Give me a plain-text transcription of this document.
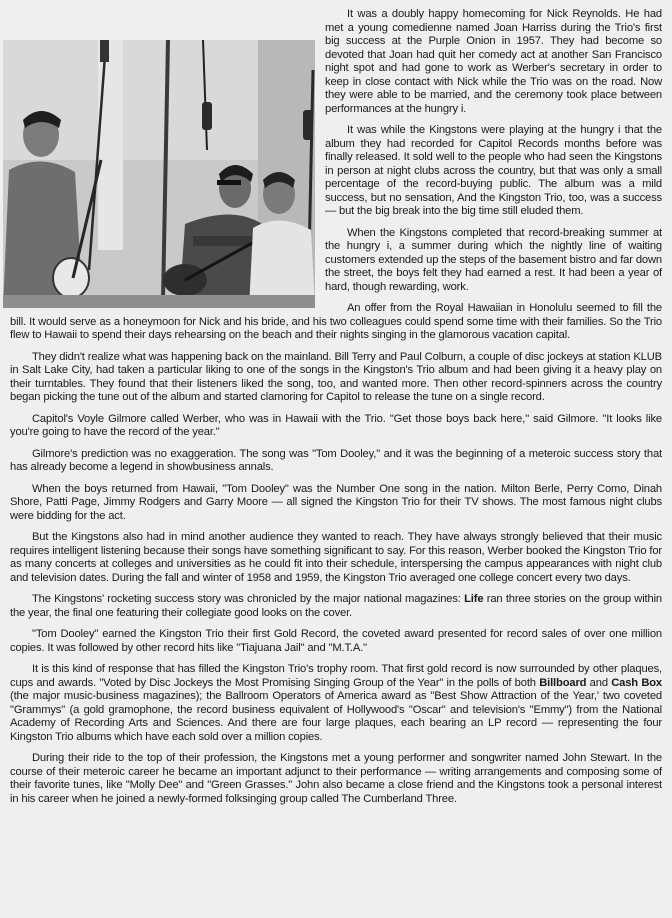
It was a doubly happy homecoming for Nick Reynolds. He had met a young comedienne named Joan Harriss during the Trio's first big success at the Purple Onion in 1957. They had become so devoted that Joan had quit her comedy act at another San Francisco night spot and had gone to work as Werber's secretary in order to keep in close contact with Nick while the Trio was on the road. Now they were able to be married, and the ceremony took place between performances at the hungry i.

It was while the Kingstons were playing at the hungry i that the album they had recorded for Capitol Records months before was finally released. It sold well to the people who had seen the Kingstons in person at night clubs across the country, but that was only a small percentage of the record-buying public. The album was a mild success, but no sensation, And the Kingston Trio, too, was a success — but the big break into the big time still eluded them.

When the Kingstons completed that record-breaking summer at the hungry i, a summer during which the nightly line of waiting customers extended up the steps of the basement bistro and far down the street, the boys felt they had earned a rest. It had been a year of hard, though rewarding, work.

An offer from the Royal Hawaiian in Honolulu seemed to fill the bill. It would serve as a honeymoon for Nick and his bride, and his two colleagues could spend some time with their families. So the Trio flew to Hawaii to spend their days rehearsing on the beach and their nights singing in the glamorous vacation capital.

They didn't realize what was happening back on the mainland. Bill Terry and Paul Colburn, a couple of disc jockeys at station KLUB in Salt Lake City, had taken a particular liking to one of the songs in the Kingston's Trio album and had been giving it a heavy play on their turntables. They found that their listeners liked the song, too, and wanted more. Then other record-spinners across the country began picking the tune out of the album and started clamoring for Capitol to release the tune on a single record.

Capitol's Voyle Gilmore called Werber, who was in Hawaii with the Trio. "Get those boys back here," said Gilmore. "It looks like you're going to have the record of the year."

Gilmore's prediction was no exaggeration. The song was "Tom Dooley," and it was the beginning of a meteroic success story that has already become a legend in showbusiness annals.

When the boys returned from Hawaii, "Tom Dooley" was the Number One song in the nation. Milton Berle, Perry Como, Dinah Shore, Patti Page, Jimmy Rodgers and Garry Moore — all signed the Kingston Trio for their TV shows. The most famous night clubs were bidding for the act.

But the Kingstons also had in mind another audience they wanted to reach. They have always strongly believed that their music requires intelligent listening because their songs have something significant to say. For this reason, Werber booked the Kingston Trio for as many concerts at colleges and universities as he could fit into their schedule, interspersing the campus appearances with night club and television dates. During the fall and winter of 1958 and 1959, the Kingston Trio averaged one college concert every two days.

The Kingstons' rocketing success story was chronicled by the major national magazines: Life ran three stories on the group within the year, the final one featuring their collegiate good looks on the cover.

"Tom Dooley" earned the Kingston Trio their first Gold Record, the coveted award presented for record sales of over one million copies. It was followed by other record hits like "Tiajuana Jail" and "M.T.A."

It is this kind of response that has filled the Kingston Trio's trophy room. That first gold record is now surrounded by other plaques, cups and awards. "Voted by Disc Jockeys the Most Promising Singing Group of the Year" in the polls of both Billboard and Cash Box (the major music-business magazines); the Ballroom Operators of America award as "Best Show Attraction of the Year,' two coveted "Grammys" (a gold gramophone, the record business equivalent of Hollywood's "Oscar" and television's "Emmy") from the National Academy of Recording Arts and Sciences. And there are four large plaques, each bearing an LP record — representing the four Kingston Trio albums which have each sold over a million copies.

During their ride to the top of their profession, the Kingstons met a young performer and songwriter named John Stewart. In the course of their meteroic career he became an important adjunct to their performance — writing arrangements and composing some of their favorite tunes, like "Molly Dee" and "Green Grasses." John also became a close friend and the Kingstons took a personal interest in his career when he joined a newly-formed folksinging group called The Cumberland Three.
